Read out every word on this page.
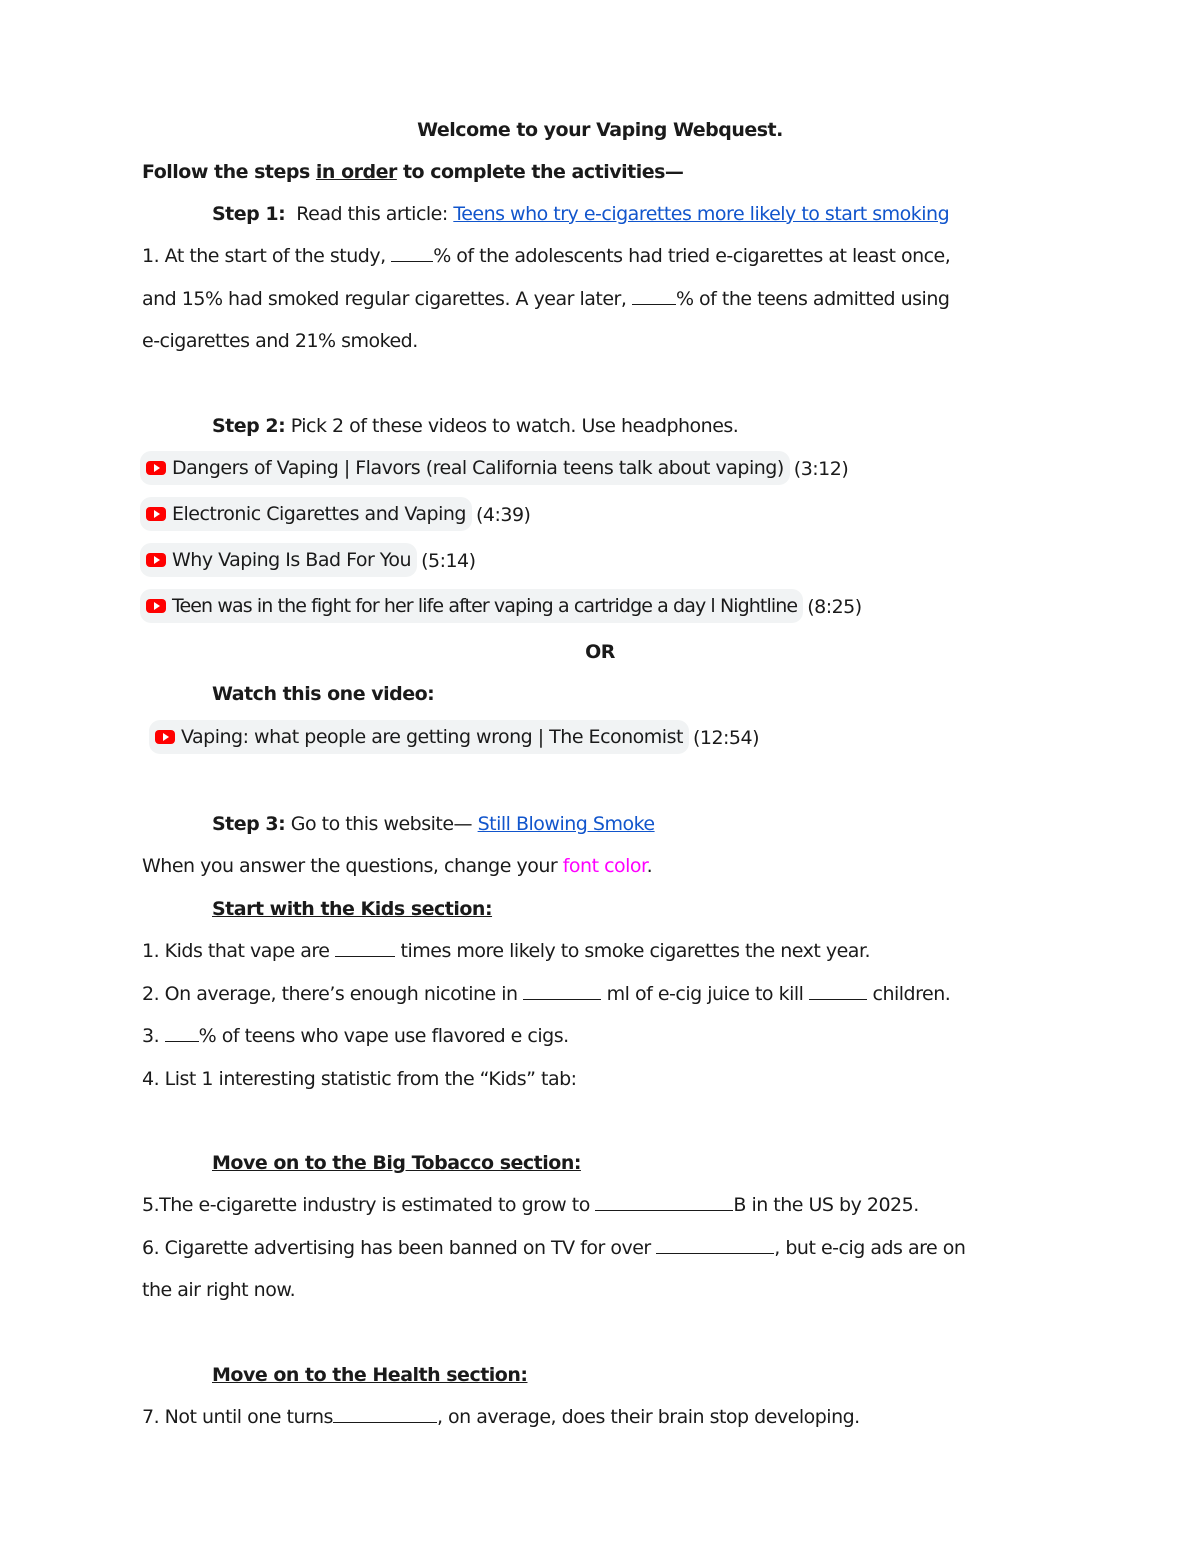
Welcome to your Vaping Webquest.
Follow the steps in order to complete the activities—
Step 1: Read this article: Teens who try e-cigarettes more likely to start smoking
1. At the start of the study, % of the adolescents had tried e-cigarettes at least once,
and 15% had smoked regular cigarettes. A year later, % of the teens admitted using
e-cigarettes and 21% smoked.
Step 2: Pick 2 of these videos to watch. Use headphones.
Dangers of Vaping | Flavors (real California teens talk about vaping) (3:12)
Electronic Cigarettes and Vaping (4:39)
Why Vaping Is Bad For You (5:14)
Teen was in the fight for her life after vaping a cartridge a day l Nightline (8:25)
OR
Watch this one video:
Vaping: what people are getting wrong | The Economist (12:54)
Step 3: Go to this website— Still Blowing Smoke
When you answer the questions, change your font color.
Start with the Kids section:
1. Kids that vape are	times more likely to smoke cigarettes the next year.
2. On average, there’s enough nicotine in	ml of e-cig juice to kill	children.
3. % of teens who vape use flavored e cigs.
4. List 1 interesting statistic from the “Kids” tab:
Move on to the Big Tobacco section:
5.The e-cigarette industry is estimated to grow to	B in the US by 2025.
6. Cigarette advertising has been banned on TV for over	, but e-cig ads are on
the air right now.
Move on to the Health section:
7. Not until one turns	, on average, does their brain stop developing.
